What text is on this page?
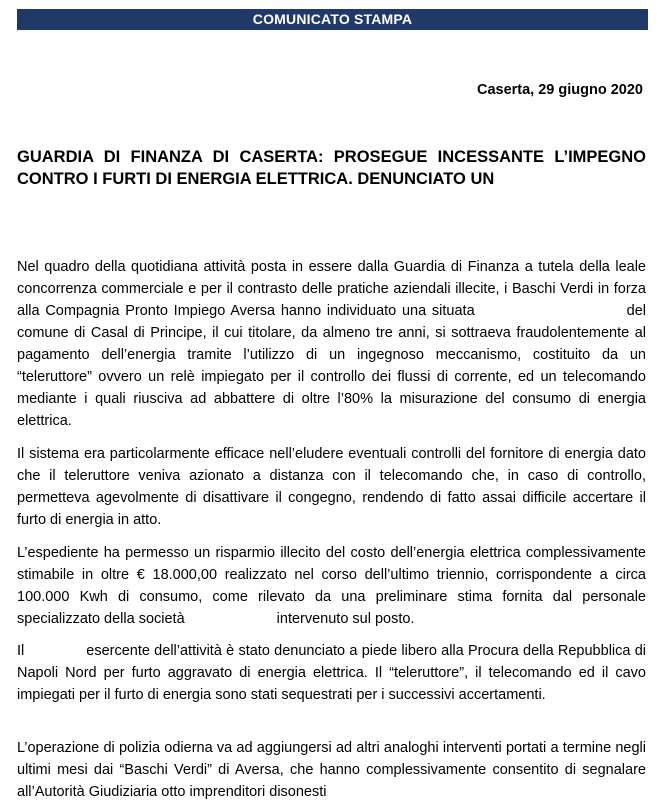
COMUNICATO STAMPA
Caserta, 29 giugno 2020
GUARDIA DI FINANZA DI CASERTA: PROSEGUE INCESSANTE L’IMPEGNO CONTRO I FURTI DI ENERGIA ELETTRICA. DENUNCIATO UN
Nel quadro della quotidiana attività posta in essere dalla Guardia di Finanza a tutela della leale concorrenza commerciale e per il contrasto delle pratiche aziendali illecite, i Baschi Verdi in forza alla Compagnia Pronto Impiego Aversa hanno individuato una situata	del comune di Casal di Principe, il cui titolare, da almeno tre anni, si sottraeva fraudolentemente al pagamento dell’energia tramite l’utilizzo di un ingegnoso meccanismo, costituito da un “teleruttore” ovvero un relè impiegato per il controllo dei flussi di corrente, ed un telecomando mediante i quali riusciva ad abbattere di oltre l’80% la misurazione del consumo di energia elettrica.
Il sistema era particolarmente efficace nell’eludere eventuali controlli del fornitore di energia dato che il teleruttore veniva azionato a distanza con il telecomando che, in caso di controllo, permetteva agevolmente di disattivare il congegno, rendendo di fatto assai difficile accertare il furto di energia in atto.
L’espediente ha permesso un risparmio illecito del costo dell’energia elettrica complessivamente stimabile in oltre € 18.000,00 realizzato nel corso dell’ultimo triennio, corrispondente a circa 100.000 Kwh di consumo, come rilevato da una preliminare stima fornita dal personale specializzato della società	intervenuto sul posto.
Il	esercente dell’attività è stato denunciato a piede libero alla Procura della Repubblica di Napoli Nord per furto aggravato di energia elettrica. Il “teleruttore”, il telecomando ed il cavo impiegati per il furto di energia sono stati sequestrati per i successivi accertamenti.
L’operazione di polizia odierna va ad aggiungersi ad altri analoghi interventi portati a termine negli ultimi mesi dai “Baschi Verdi” di Aversa, che hanno complessivamente consentito di segnalare all’Autorità Giudiziaria otto imprenditori disonesti
